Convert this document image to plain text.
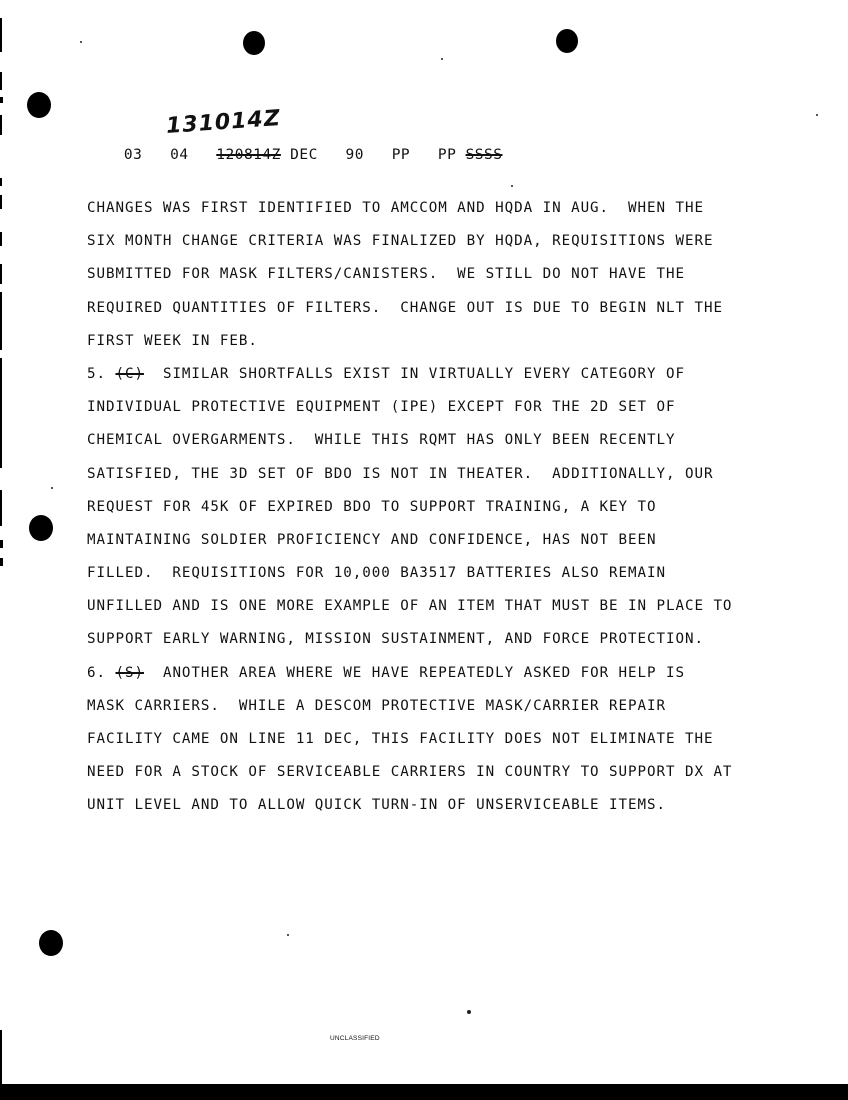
03 04 120814Z DEC 90 PP PP SSSS

131014Z
CHANGES WAS FIRST IDENTIFIED TO AMCCOM AND HQDA IN AUG.  WHEN THE
SIX MONTH CHANGE CRITERIA WAS FINALIZED BY HQDA, REQUISITIONS WERE
SUBMITTED FOR MASK FILTERS/CANISTERS.  WE STILL DO NOT HAVE THE
REQUIRED QUANTITIES OF FILTERS.  CHANGE OUT IS DUE TO BEGIN NLT THE
FIRST WEEK IN FEB.
5. (C) SIMILAR SHORTFALLS EXIST IN VIRTUALLY EVERY CATEGORY OF
INDIVIDUAL PROTECTIVE EQUIPMENT (IPE) EXCEPT FOR THE 2D SET OF
CHEMICAL OVERGARMENTS.  WHILE THIS RQMT HAS ONLY BEEN RECENTLY
SATISFIED, THE 3D SET OF BDO IS NOT IN THEATER.  ADDITIONALLY, OUR
REQUEST FOR 45K OF EXPIRED BDO TO SUPPORT TRAINING, A KEY TO
MAINTAINING SOLDIER PROFICIENCY AND CONFIDENCE, HAS NOT BEEN
FILLED.  REQUISITIONS FOR 10,000 BA3517 BATTERIES ALSO REMAIN
UNFILLED AND IS ONE MORE EXAMPLE OF AN ITEM THAT MUST BE IN PLACE TO
SUPPORT EARLY WARNING, MISSION SUSTAINMENT, AND FORCE PROTECTION.
6. (S) ANOTHER AREA WHERE WE HAVE REPEATEDLY ASKED FOR HELP IS
MASK CARRIERS.  WHILE A DESCOM PROTECTIVE MASK/CARRIER REPAIR
FACILITY CAME ON LINE 11 DEC, THIS FACILITY DOES NOT ELIMINATE THE
NEED FOR A STOCK OF SERVICEABLE CARRIERS IN COUNTRY TO SUPPORT DX AT
UNIT LEVEL AND TO ALLOW QUICK TURN-IN OF UNSERVICEABLE ITEMS.
UNCLASSIFIED
